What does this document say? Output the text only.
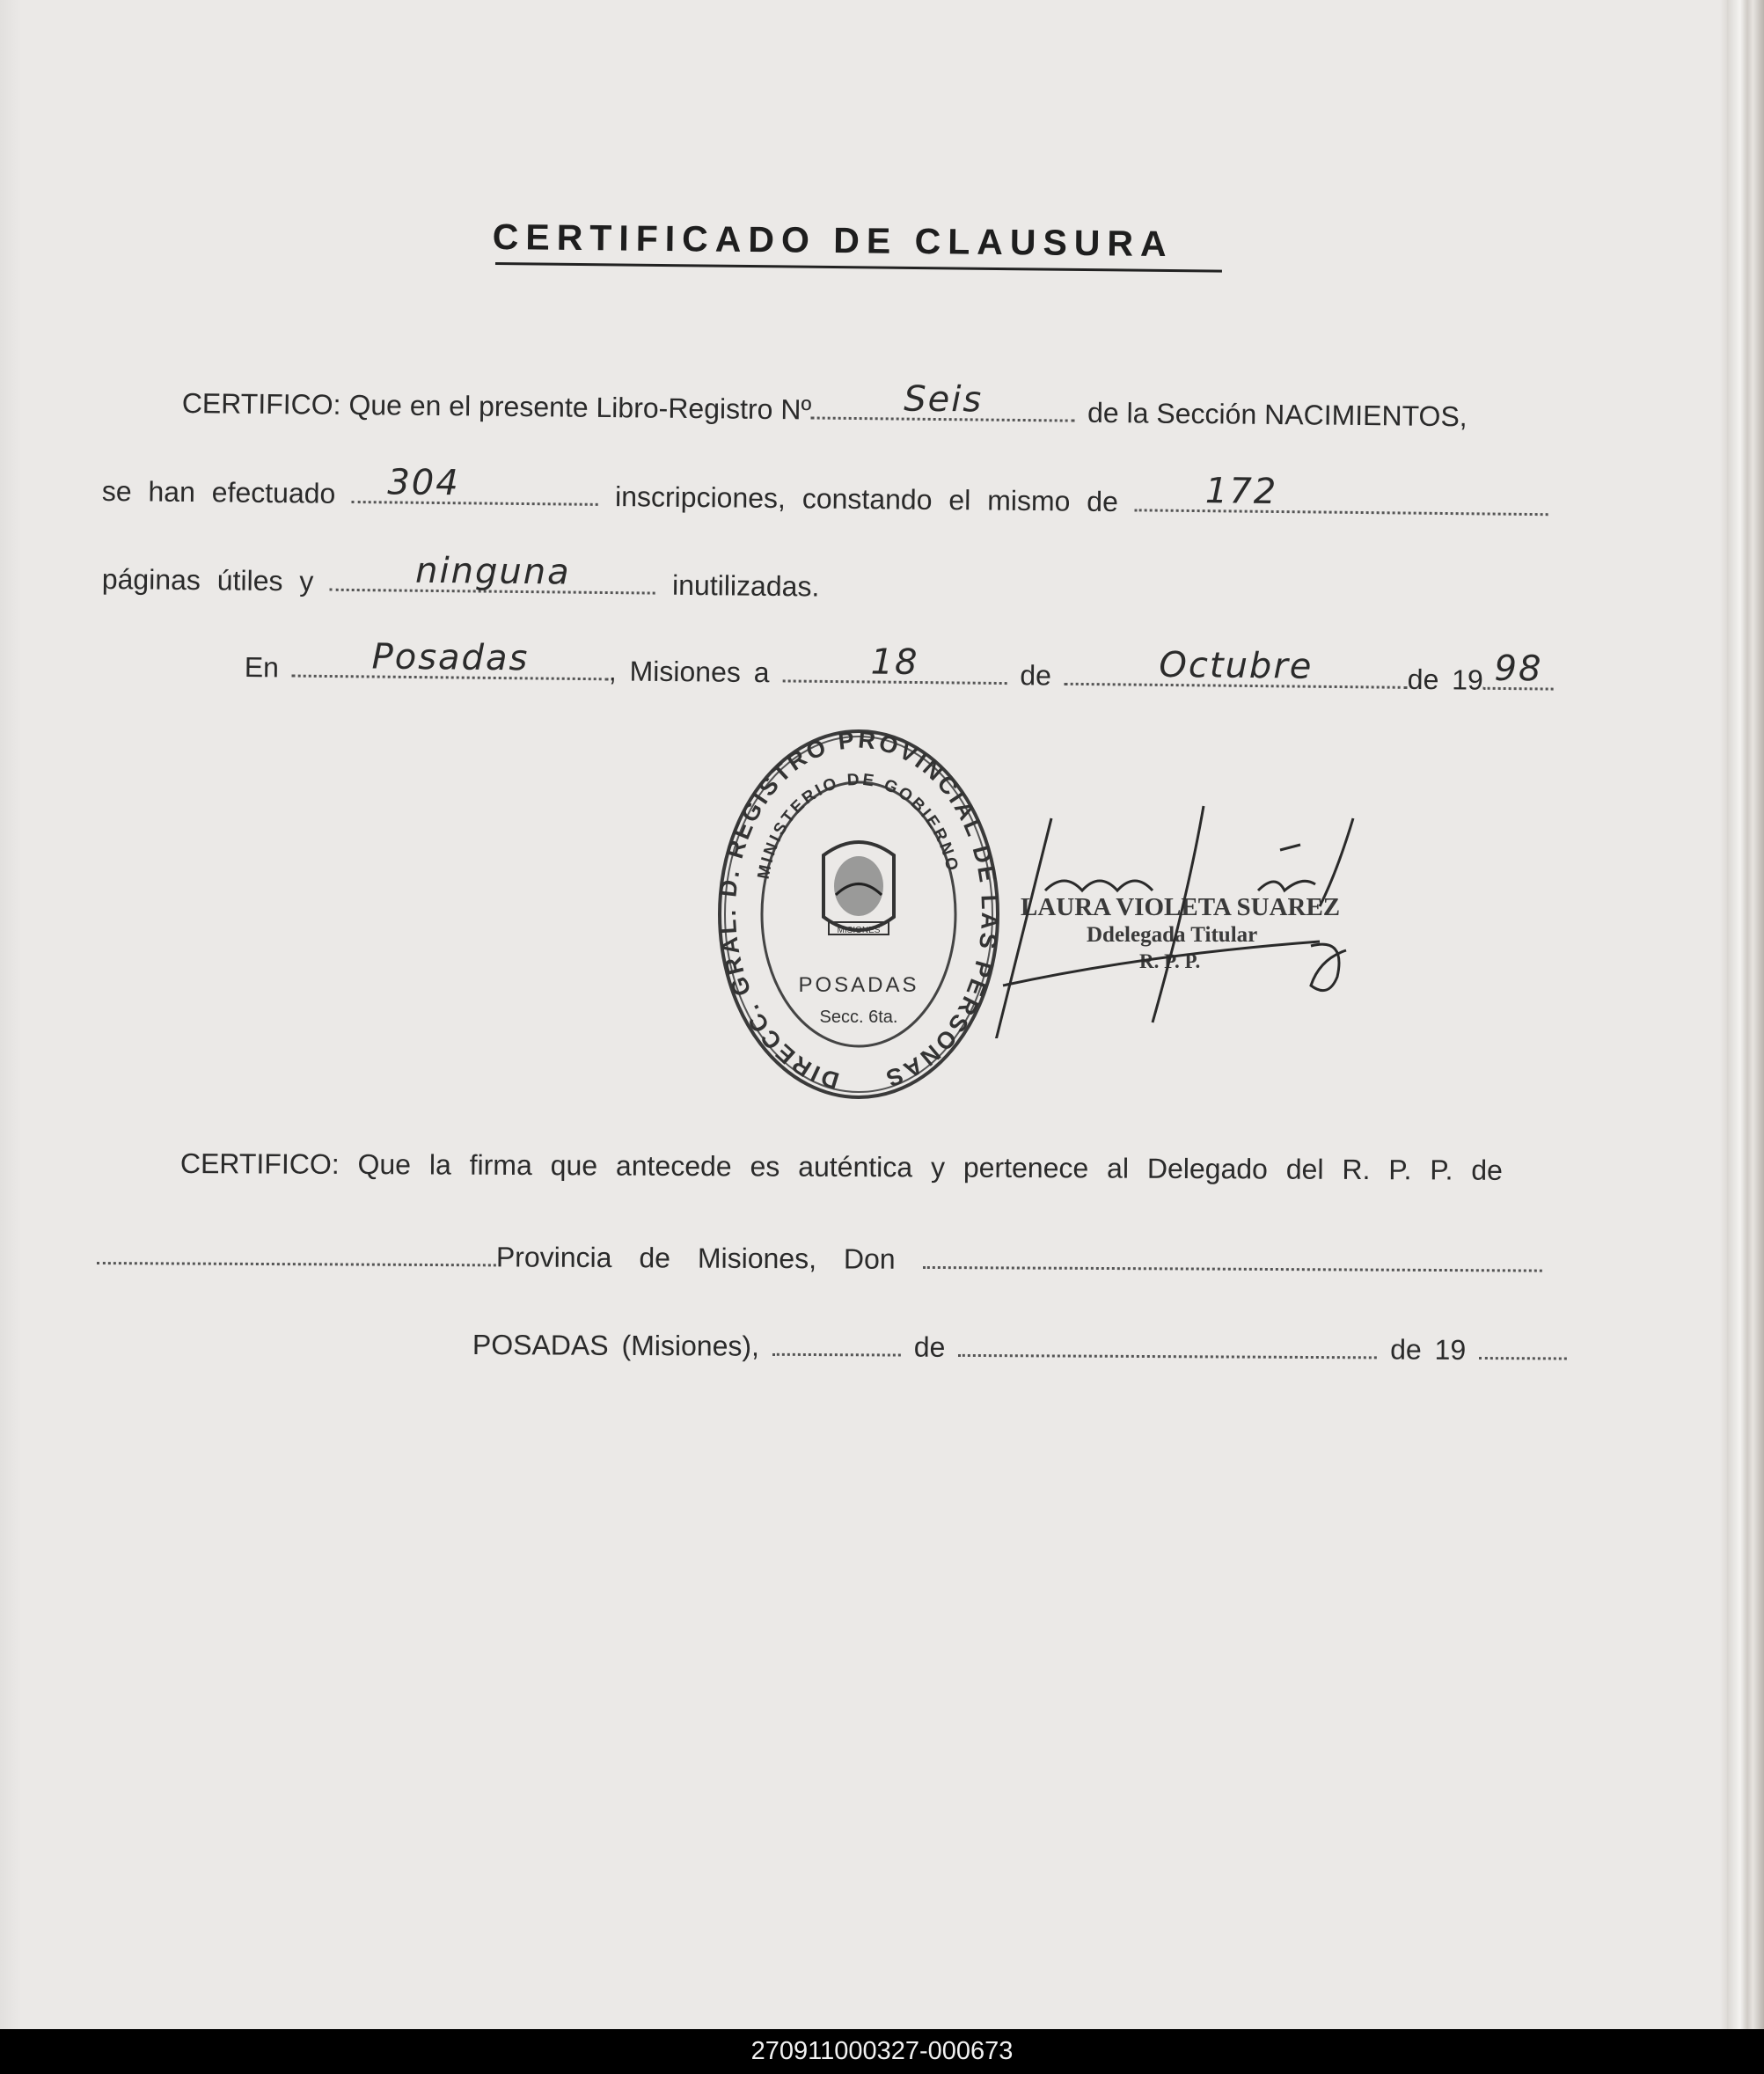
CERTIFICADO DE CLAUSURA
CERTIFICO: Que en el presente Libro-Registro Nº	Seis	de la Sección NACIMIENTOS,
se han efectuado 304	inscripciones, constando el mismo de 172
páginas útiles y	ninguna	inutilizadas.
En	Posadas	, Misiones a	18	de	Octubre	de 19 98
DIRECC. GRAL. D. REGISTRO PROVINCIAL DE LAS PERSONAS
MINISTERIO DE GOBIERNO
MISIONES
POSADAS
Secc. 6ta.
LAURA VIOLETA SUAREZ
Ddelegada Titular
R. P. P.
CERTIFICO: Que la firma que antecede es auténtica y pertenece al Delegado del R. P. P. de
Provincia de Misiones, Don
POSADAS (Misiones),	de	de 19
270911000327-000673
